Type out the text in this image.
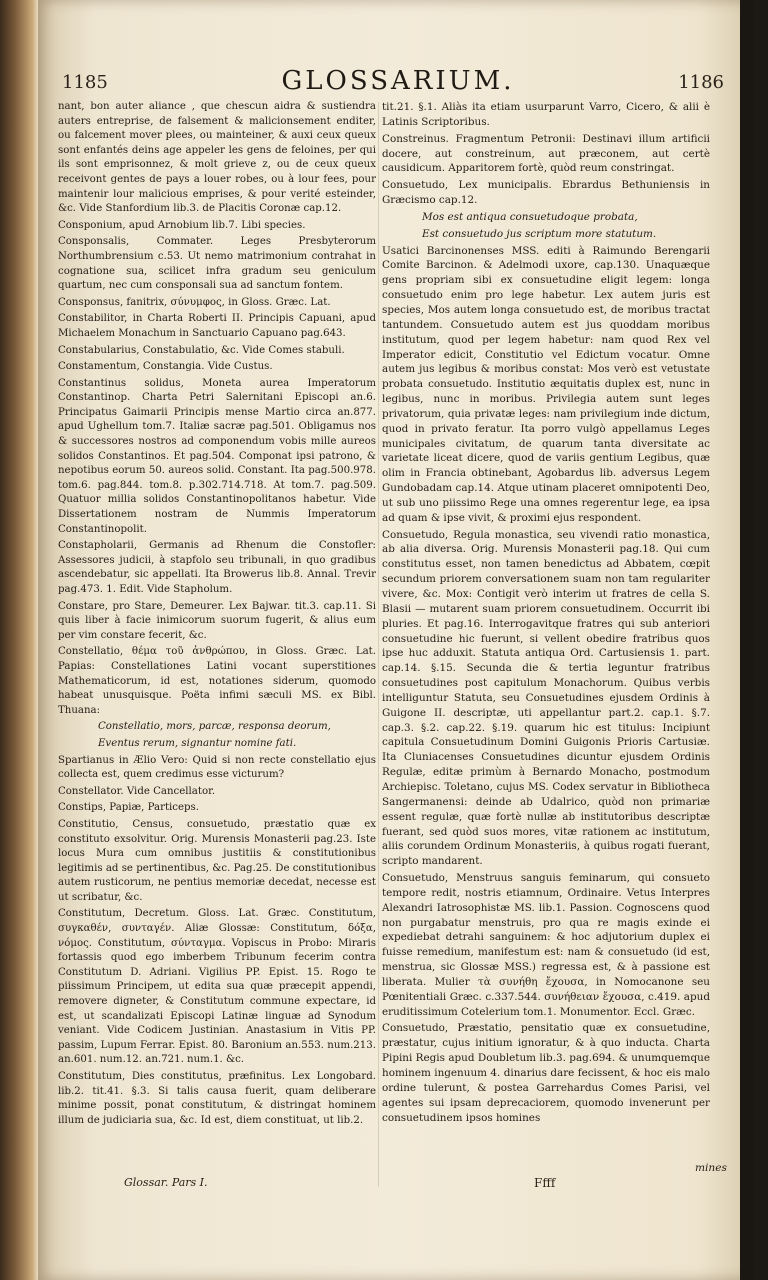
1185	GLOSSARIUM.	1186

nant, bon auter aliance , que chescun aidra & sustiendra auters entreprise, de falsement & malicionsement enditer, ou falcement mover plees, ou mainteiner, & auxi ceux queux sont enfantés deins age appeler les gens de feloines, per qui ils sont emprisonnez, & molt grieve z, ou de ceux queux receivont gentes de pays a louer robes, ou à lour fees, pour maintenir lour malicious emprises, & pour verité esteinder, &c. Vide Stanfordium lib.3. de Placitis Coronæ cap.12.

Consponium, apud Arnobium lib.7. Libi species.

Consponsalis, Commater. Leges Presbyterorum Northumbrensium c.53. Ut nemo matrimonium contrahat in cognatione sua, scilicet infra gradum seu geniculum quartum, nec cum consponsali sua ad sanctum fontem.

Consponsus, fanitrix, σύνυμφος, in Gloss. Græc. Lat.

Constabilitor, in Charta Roberti II. Principis Capuani, apud Michaelem Monachum in Sanctuario Capuano pag.643.

Constabularius, Constabulatio, &c. Vide Comes stabuli.

Constamentum, Constangia. Vide Custus.

Constantinus solidus, Moneta aurea Imperatorum Constantinop. Charta Petri Salernitani Episcopi an.6. Principatus Gaimarii Principis mense Martio circa an.877. apud Ughellum tom.7. Italiæ sacræ pag.501. Obligamus nos & successores nostros ad componendum vobis mille aureos solidos Constantinos. Et pag.504. Componat ipsi patrono, & nepotibus eorum 50. aureos solid. Constant. Ita pag.500.978. tom.6. pag.844. tom.8. p.302.714.718. At tom.7. pag.509. Quatuor millia solidos Constantinopolitanos habetur. Vide Dissertationem nostram de Nummis Imperatorum Constantinopolit.

Constapholarii, Germanis ad Rhenum die Constofler: Assessores judicii, à stapfolo seu tribunali, in quo gradibus ascendebatur, sic appellati. Ita Browerus lib.8. Annal. Trevir pag.473. 1. Edit. Vide Stapholum.

Constare, pro Stare, Demeurer. Lex Bajwar. tit.3. cap.11. Si quis liber à facie inimicorum suorum fugerit, & alius eum per vim constare fecerit, &c.

Constellatio, θέμα τοῦ ἀνθρώπου, in Gloss. Græc. Lat. Papias: Constellationes Latini vocant superstitiones Mathematicorum, id est, notationes siderum, quomodo habeat unusquisque. Poëta infimi sæculi MS. ex Bibl. Thuana:

Constellatio, mors, parcæ, responsa deorum,

Eventus rerum, signantur nomine fati.

Spartianus in Ælio Vero: Quid si non recte constellatio ejus collecta est, quem credimus esse victurum?

Constellator. Vide Cancellator.

Constips, Papiæ, Particeps.

Constitutio, Census, consuetudo, præstatio quæ ex constituto exsolvitur. Orig. Murensis Monasterii pag.23. Iste locus Mura cum omnibus justitiis & constitutionibus legitimis ad se pertinentibus, &c. Pag.25. De constitutionibus autem rusticorum, ne pentius memoriæ decedat, necesse est ut scribatur, &c.

Constitutum, Decretum. Gloss. Lat. Græc. Constitutum, συγκαθέν, συνταγέν. Aliæ Glossæ: Constitutum, δόξα, νόμος. Constitutum, σύνταγμα. Vopiscus in Probo: Miraris fortassis quod ego imberbem Tribunum fecerim contra Constitutum D. Adriani. Vigilius PP. Epist. 15. Rogo te piissimum Principem, ut edita sua quæ præcepit appendi, removere digneter, & Constitutum commune expectare, id est, ut scandalizati Episcopi Latinæ linguæ ad Synodum veniant. Vide Codicem Justinian. Anastasium in Vitis PP. passim, Lupum Ferrar. Epist. 80. Baronium an.553. num.213. an.601. num.12. an.721. num.1. &c.

Constitutum, Dies constitutus, præfinitus. Lex Longobard. lib.2. tit.41. §.3. Si talis causa fuerit, quam deliberare minime possit, ponat constitutum, & distringat hominem illum de judiciaria sua, &c. Id est, diem constituat, ut lib.2.

tit.21. §.1. Aliàs ita etiam usurparunt Varro, Cicero, & alii è Latinis Scriptoribus.

Constreinus. Fragmentum Petronii: Destinavi illum artificii docere, aut constreinum, aut præconem, aut certè causidicum. Apparitorem fortè, quòd reum constringat.

Consuetudo, Lex municipalis. Ebrardus Bethuniensis in Græcismo cap.12.

Mos est antiqua consuetudoque probata,

Est consuetudo jus scriptum more statutum.

Usatici Barcinonenses MSS. editi à Raimundo Berengarii Comite Barcinon. & Adelmodi uxore, cap.130. Unaquæque gens propriam sibi ex consuetudine eligit legem: longa consuetudo enim pro lege habetur. Lex autem juris est species, Mos autem longa consuetudo est, de moribus tractat tantundem. Consuetudo autem est jus quoddam moribus institutum, quod per legem habetur: nam quod Rex vel Imperator edicit, Constitutio vel Edictum vocatur. Omne autem jus legibus & moribus constat: Mos verò est vetustate probata consuetudo. Institutio æquitatis duplex est, nunc in legibus, nunc in moribus. Privilegia autem sunt leges privatorum, quia privatæ leges: nam privilegium inde dictum, quod in privato feratur. Ita porro vulgò appellamus Leges municipales civitatum, de quarum tanta diversitate ac varietate liceat dicere, quod de variis gentium Legibus, quæ olim in Francia obtinebant, Agobardus lib. adversus Legem Gundobadam cap.14. Atque utinam placeret omnipotenti Deo, ut sub uno piissimo Rege una omnes regerentur lege, ea ipsa ad quam & ipse vivit, & proximi ejus respondent.

Consuetudo, Regula monastica, seu vivendi ratio monastica, ab alia diversa. Orig. Murensis Monasterii pag.18. Qui cum constitutus esset, non tamen benedictus ad Abbatem, cœpit secundum priorem conversationem suam non tam regulariter vivere, &c. Mox: Contigit verò interim ut fratres de cella S. Blasii — mutarent suam priorem consuetudinem. Occurrit ibi pluries. Et pag.16. Interrogavitque fratres qui sub anteriori consuetudine hic fuerunt, si vellent obedire fratribus quos ipse huc adduxit. Statuta antiqua Ord. Cartusiensis 1. part. cap.14. §.15. Secunda die & tertia leguntur fratribus consuetudines post capitulum Monachorum. Quibus verbis intelliguntur Statuta, seu Consuetudines ejusdem Ordinis à Guigone II. descriptæ, uti appellantur part.2. cap.1. §.7. cap.3. §.2. cap.22. §.19. quarum hic est titulus: Incipiunt capitula Consuetudinum Domini Guigonis Prioris Cartusiæ. Ita Cluniacenses Consuetudines dicuntur ejusdem Ordinis Regulæ, editæ primùm à Bernardo Monacho, postmodum Archiepisc. Toletano, cujus MS. Codex servatur in Bibliotheca Sangermanensi: deinde ab Udalrico, quòd non primariæ essent regulæ, quæ fortè nullæ ab institutoribus descriptæ fuerant, sed quòd suos mores, vitæ rationem ac institutum, aliis corundem Ordinum Monasteriis, à quibus rogati fuerant, scripto mandarent.

Consuetudo, Menstruus sanguis feminarum, qui consueto tempore redit, nostris etiamnum, Ordinaire. Vetus Interpres Alexandri Iatrosophistæ MS. lib.1. Passion. Cognoscens quod non purgabatur menstruis, pro qua re magis exinde ei expediebat detrahi sanguinem: & hoc adjutorium duplex ei fuisse remedium, manifestum est: nam & consuetudo (id est, menstrua, sic Glossæ MSS.) regressa est, & à passione est liberata. Mulier τὰ συνήθη ἔχουσα, in Nomocanone seu Pœnitentiali Græc. c.337.544. συνήθειαν ἔχουσα, c.419. apud eruditissimum Cotelerium tom.1. Monumentor. Eccl. Græc.

Consuetudo, Præstatio, pensitatio quæ ex consuetudine, præstatur, cujus initium ignoratur, & à quo inducta. Charta Pipini Regis apud Doubletum lib.3. pag.694. & unumquemque hominem ingenuum 4. dinarius dare fecissent, & hoc eis malo ordine tulerunt, & postea Garrehardus Comes Parisi, vel agentes sui ipsam deprecaciorem, quomodo invenerunt per consuetudinem ipsos homines

mines
Glossar. Pars I.	Ffff
